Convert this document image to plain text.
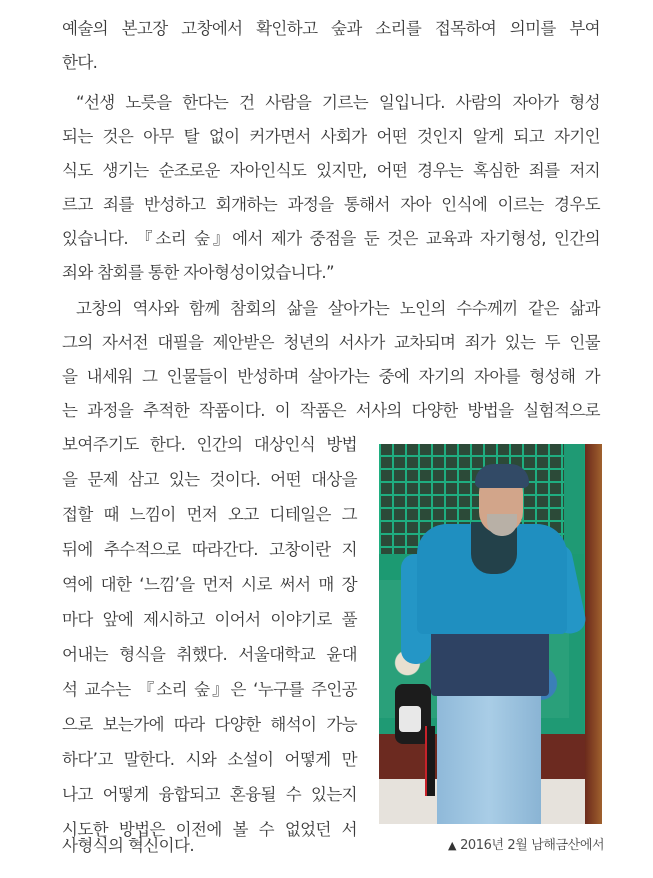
예술의 본고장 고창에서 확인하고 숲과 소리를 접목하여 의미를 부여
한다.
“선생 노릇을 한다는 건 사람을 기르는 일입니다. 사람의 자아가 형성
되는 것은 아무 탈 없이 커가면서 사회가 어떤 것인지 알게 되고 자기인
식도 생기는 순조로운 자아인식도 있지만, 어떤 경우는 혹심한 죄를 저지
르고 죄를 반성하고 회개하는 과정을 통해서 자아 인식에 이르는 경우도
있습니다. 『소리 숲』에서 제가 중점을 둔 것은 교육과 자기형성, 인간의
죄와 참회를 통한 자아형성이었습니다.”
고창의 역사와 함께 참회의 삶을 살아가는 노인의 수수께끼 같은 삶과
그의 자서전 대필을 제안받은 청년의 서사가 교차되며 죄가 있는 두 인물
을 내세워 그 인물들이 반성하며 살아가는 중에 자기의 자아를 형성해 가
는 과정을 추적한 작품이다. 이 작품은 서사의 다양한 방법을 실험적으로
보여주기도 한다. 인간의 대상인식 방법
을 문제 삼고 있는 것이다. 어떤 대상을
접할 때 느낌이 먼저 오고 디테일은 그
뒤에 추수적으로 따라간다. 고창이란 지
역에 대한 ‘느낌’을 먼저 시로 써서 매 장
마다 앞에 제시하고 이어서 이야기로 풀
어내는 형식을 취했다. 서울대학교 윤대
석 교수는 『소리 숲』은 ‘누구를 주인공
으로 보는가에 따라 다양한 해석이 가능
하다’고 말한다. 시와 소설이 어떻게 만
나고 어떻게 융합되고 혼융될 수 있는지
시도한 방법은 이전에 볼 수 없었던 서
사형식의 혁신이다.	▲ 2016년 2월 남해금산에서
